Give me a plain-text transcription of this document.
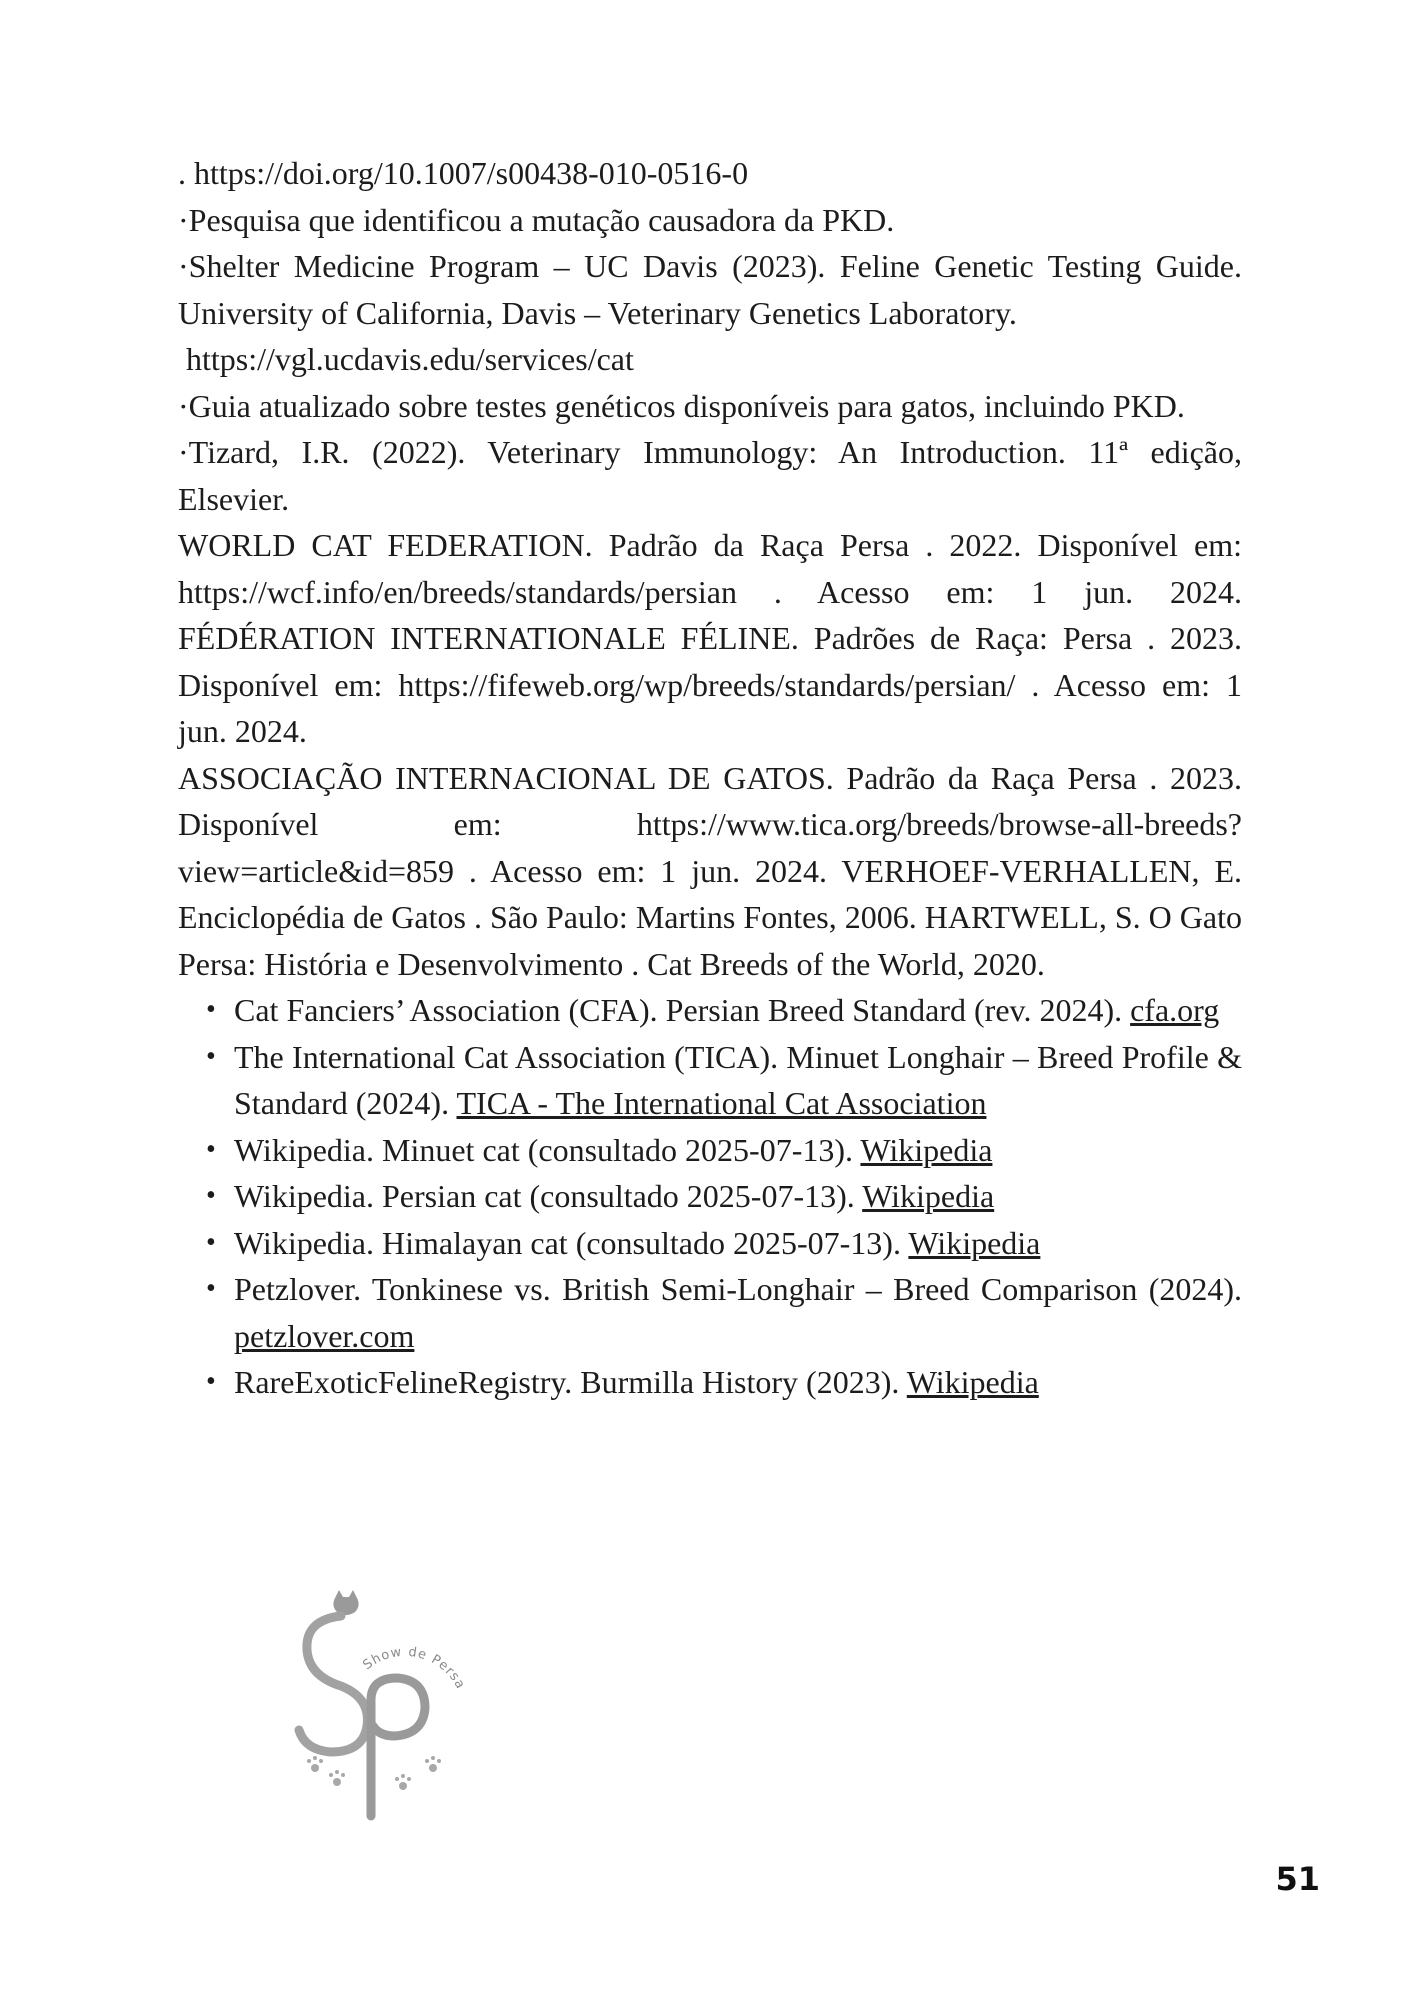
. https://doi.org/10.1007/s00438-010-0516-0

·Pesquisa que identificou a mutação causadora da PKD.

·Shelter Medicine Program – UC Davis (2023). Feline Genetic Testing Guide. University of California, Davis – Veterinary Genetics Laboratory.

https://vgl.ucdavis.edu/services/cat

·Guia atualizado sobre testes genéticos disponíveis para gatos, incluindo PKD.

·Tizard, I.R. (2022). Veterinary Immunology: An Introduction. 11ª edição, Elsevier.

WORLD CAT FEDERATION. Padrão da Raça Persa . 2022. Disponível em: https://wcf.info/en/breeds/standards/persian . Acesso em: 1 jun. 2024. FÉDÉRATION INTERNATIONALE FÉLINE. Padrões de Raça: Persa . 2023. Disponível em: https://fifeweb.org/wp/breeds/standards/persian/ . Acesso em: 1 jun. 2024.

ASSOCIAÇÃO INTERNACIONAL DE GATOS. Padrão da Raça Persa . 2023. Disponível em: https://www.tica.org/breeds/browse-all-breeds?view=article&id=859 . Acesso em: 1 jun. 2024. VERHOEF-VERHALLEN, E. Enciclopédia de Gatos . São Paulo: Martins Fontes, 2006. HARTWELL, S. O Gato Persa: História e Desenvolvimento . Cat Breeds of the World, 2020.

• Cat Fanciers’ Association (CFA). Persian Breed Standard (rev. 2024). cfa.org
• The International Cat Association (TICA). Minuet Longhair – Breed Profile & Standard (2024). TICA - The International Cat Association
• Wikipedia. Minuet cat (consultado 2025-07-13). Wikipedia
• Wikipedia. Persian cat (consultado 2025-07-13). Wikipedia
• Wikipedia. Himalayan cat (consultado 2025-07-13). Wikipedia
• Petzlover. Tonkinese vs. British Semi-Longhair – Breed Comparison (2024). petzlover.com
• RareExoticFelineRegistry. Burmilla History (2023). Wikipedia
Show de Persa
51
